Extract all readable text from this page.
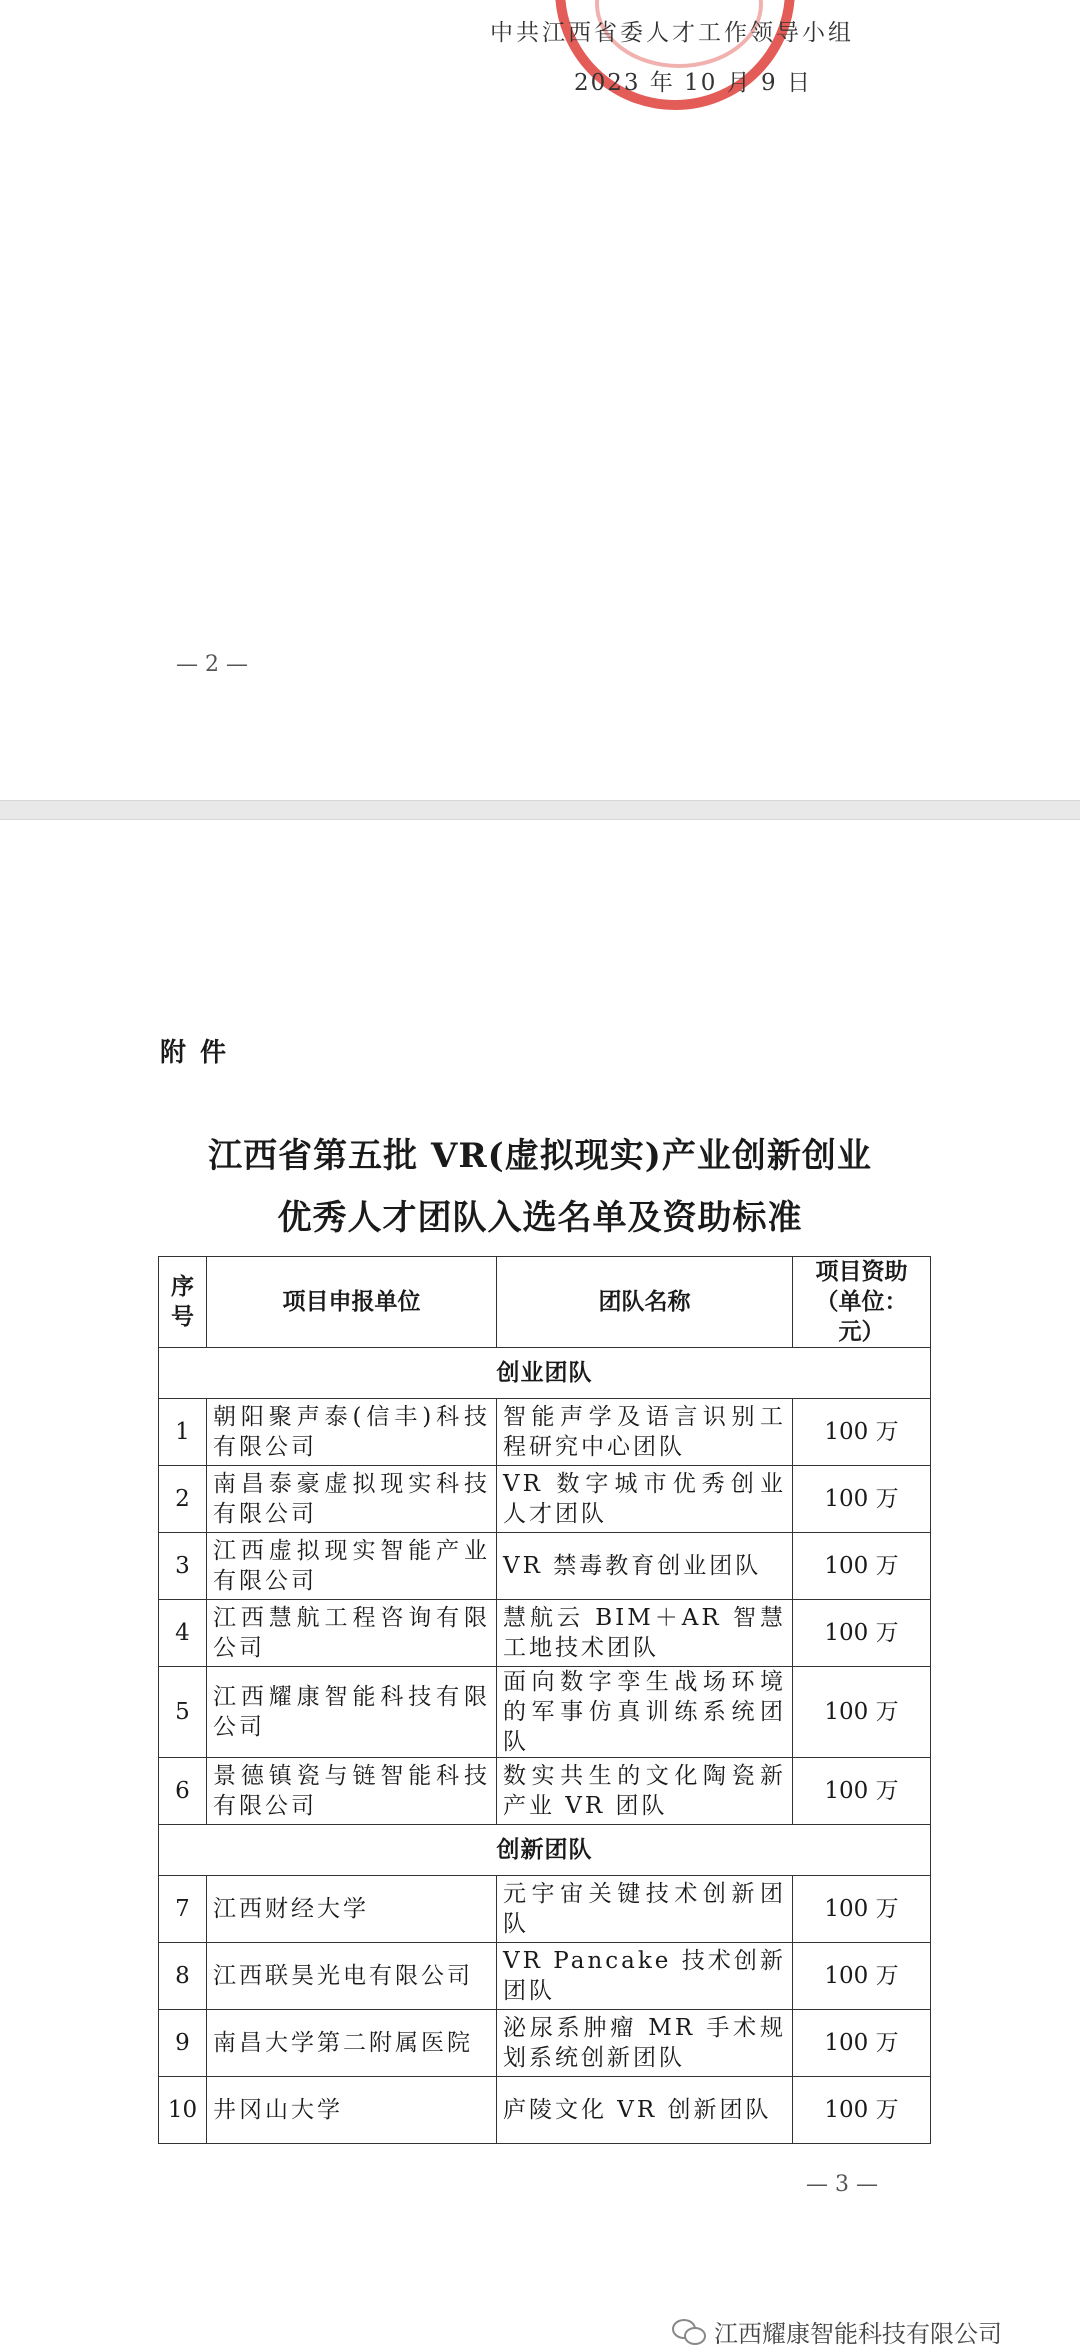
中共江西省委人才工作领导小组
2023 年 10 月 9 日
— 2 —
附件
江西省第五批 VR(虚拟现实)产业创新创业
优秀人才团队入选名单及资助标准
序号	项目申报单位	团队名称	项目资助（单位：元）
创业团队			
1	朝阳聚声泰(信丰)科技有限公司	智能声学及语言识别工程研究中心团队	100 万
2	南昌泰豪虚拟现实科技有限公司	VR 数字城市优秀创业人才团队	100 万
3	江西虚拟现实智能产业有限公司	VR 禁毒教育创业团队	100 万
4	江西慧航工程咨询有限公司	慧航云 BIM＋AR 智慧工地技术团队	100 万
5	江西耀康智能科技有限公司	面向数字孪生战场环境的军事仿真训练系统团队	100 万
6	景德镇瓷与链智能科技有限公司	数实共生的文化陶瓷新产业 VR 团队	100 万
创新团队			
7	江西财经大学	元宇宙关键技术创新团队	100 万
8	江西联昊光电有限公司	VR Pancake 技术创新团队	100 万
9	南昌大学第二附属医院	泌尿系肿瘤 MR 手术规划系统创新团队	100 万
10	井冈山大学	庐陵文化 VR 创新团队	100 万
— 3 —
江西耀康智能科技有限公司
